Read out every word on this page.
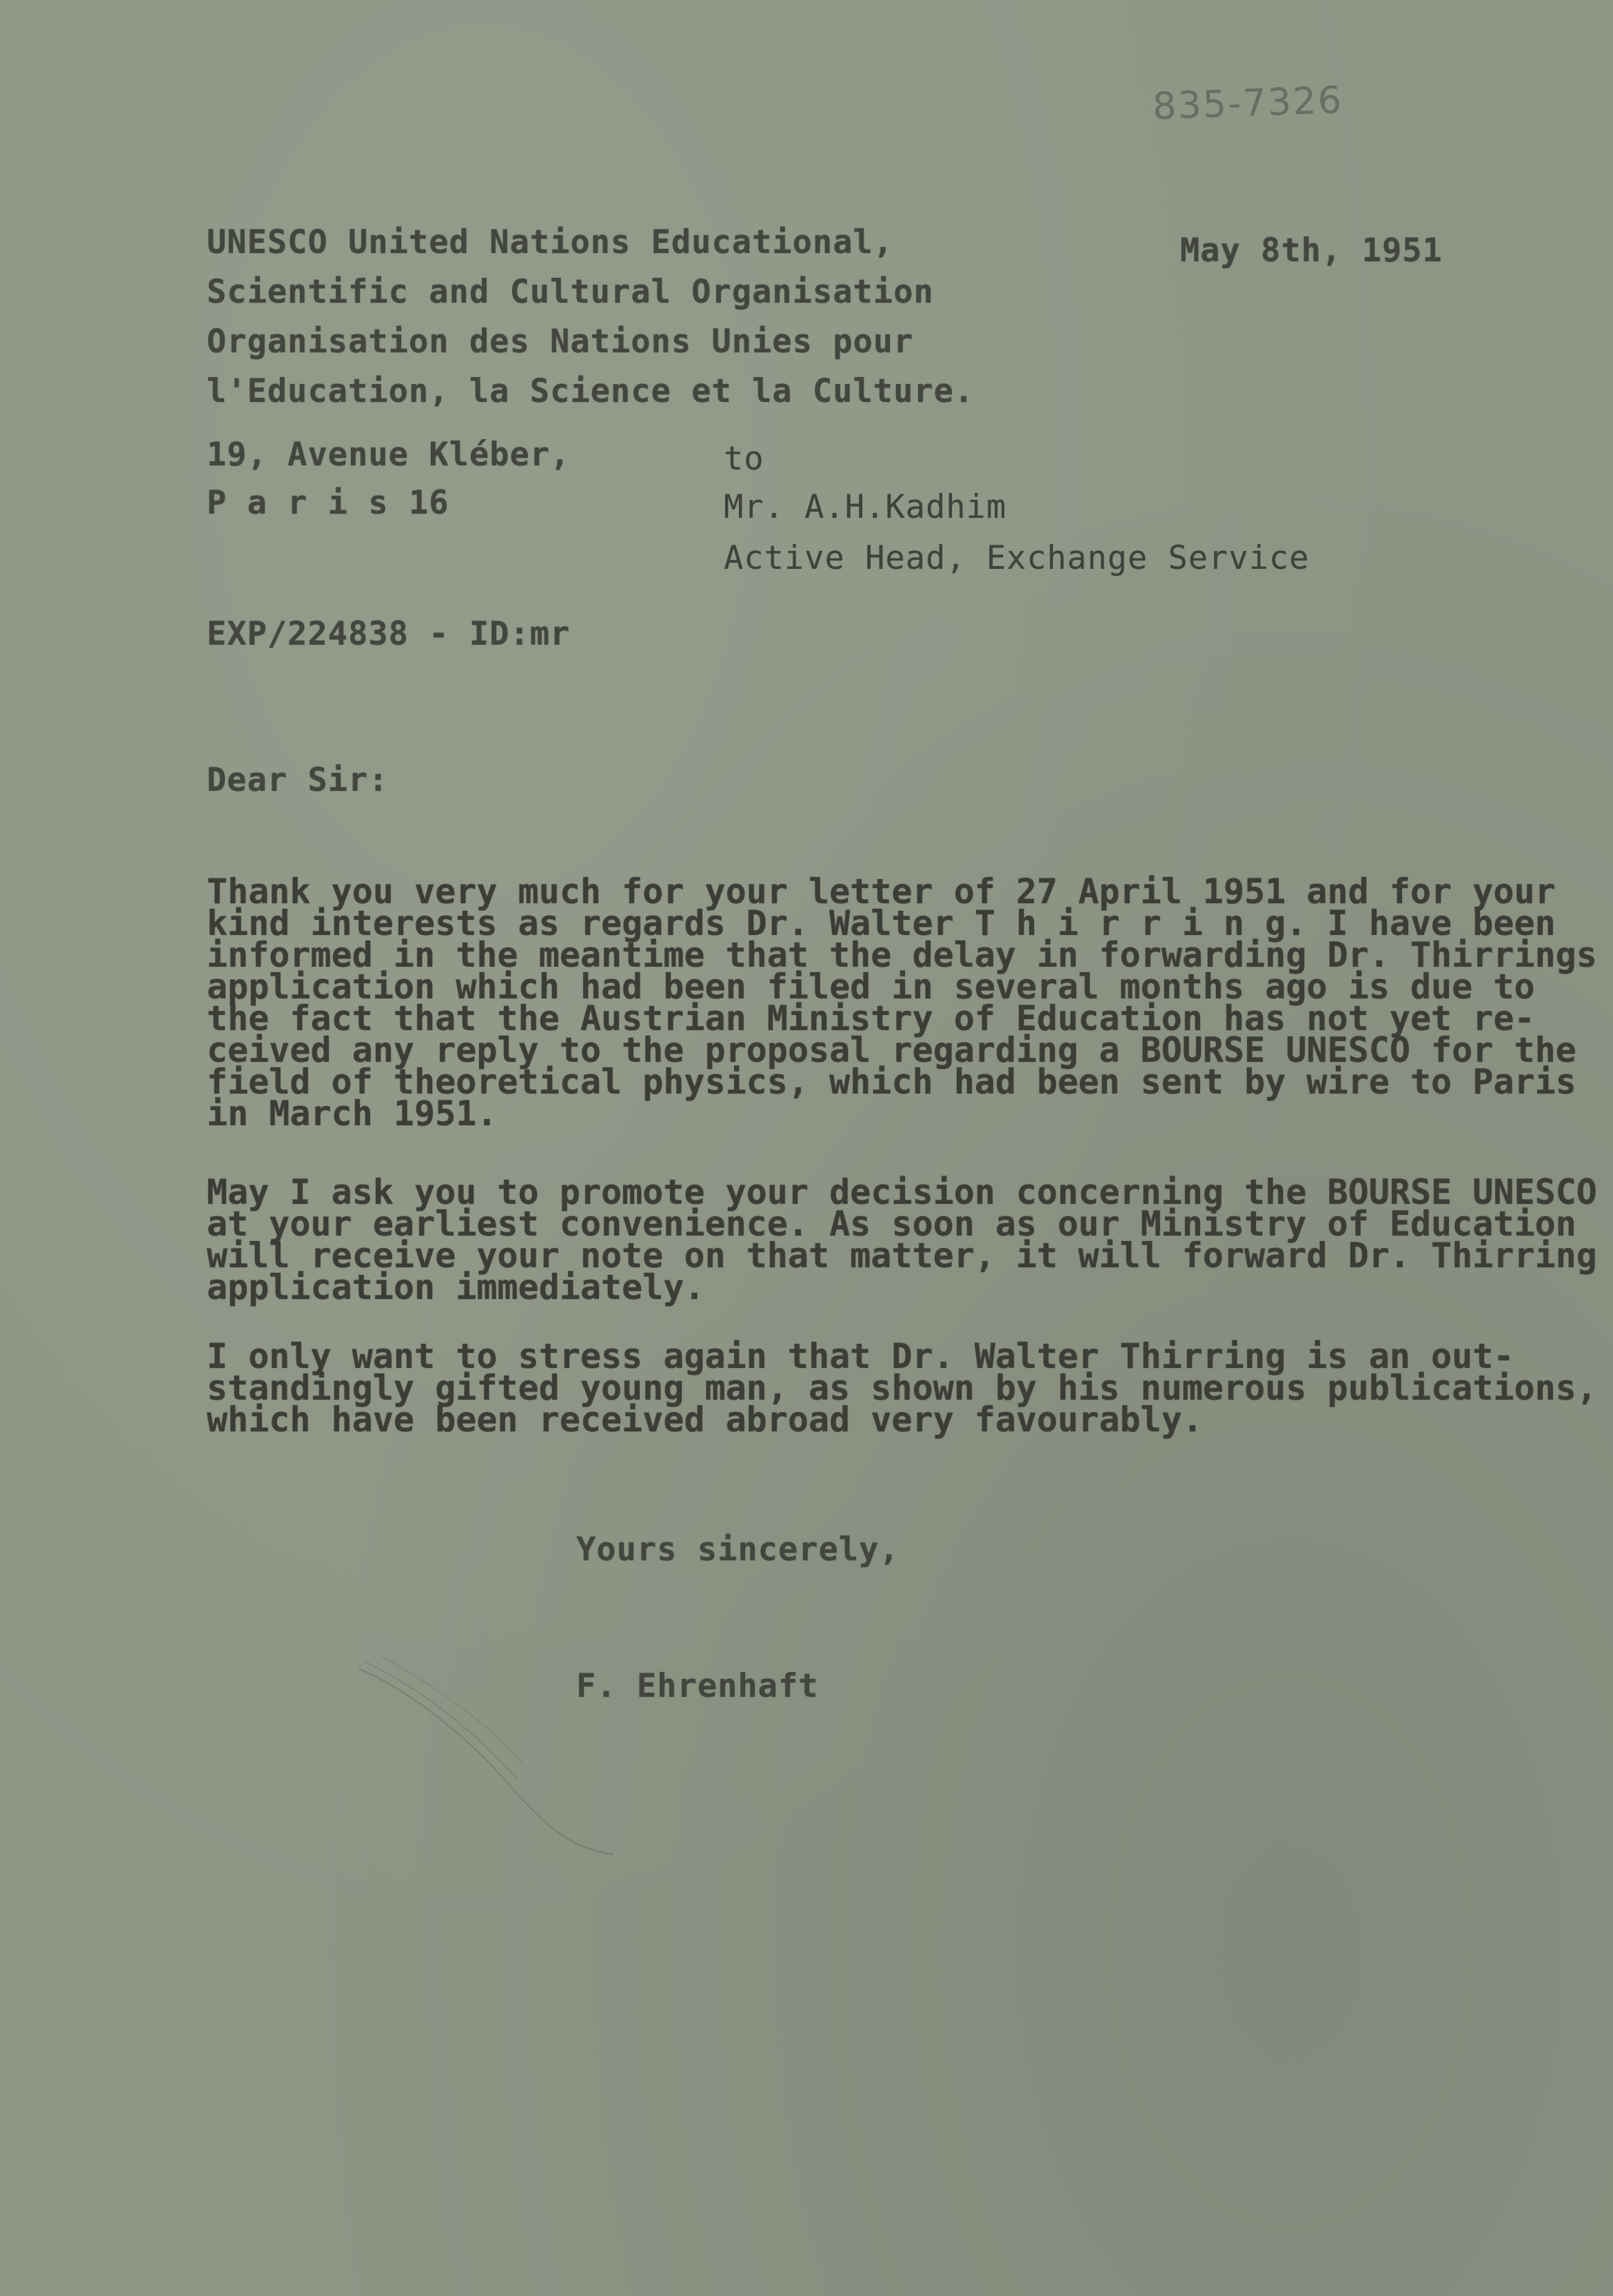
835-7326
UNESCO United Nations Educational,
Scientific and Cultural Organisation
Organisation des Nations Unies pour
l'Education, la Science et la Culture.
May 8th, 1951
19, Avenue Kléber,
P a r i s 16
to
Mr. A.H.Kadhim
Active Head, Exchange Service
EXP/224838 - ID:mr
Dear Sir:
Thank you very much for your letter of 27 April 1951 and for your
kind interests as regards Dr. Walter T h i r r i n g. I have been
informed in the meantime that the delay in forwarding Dr. Thirrings
application which had been filed in several months ago is due to
the fact that the Austrian Ministry of Education has not yet re-
ceived any reply to the proposal regarding a BOURSE UNESCO for the
field of theoretical physics, which had been sent by wire to Paris
in March 1951.
May I ask you to promote your decision concerning the BOURSE UNESCO
at your earliest convenience. As soon as our Ministry of Education
will receive your note on that matter, it will forward Dr. Thirring
application immediately.
I only want to stress again that Dr. Walter Thirring is an out-
standingly gifted young man, as shown by his numerous publications,
which have been received abroad very favourably.
Yours sincerely,
F. Ehrenhaft
